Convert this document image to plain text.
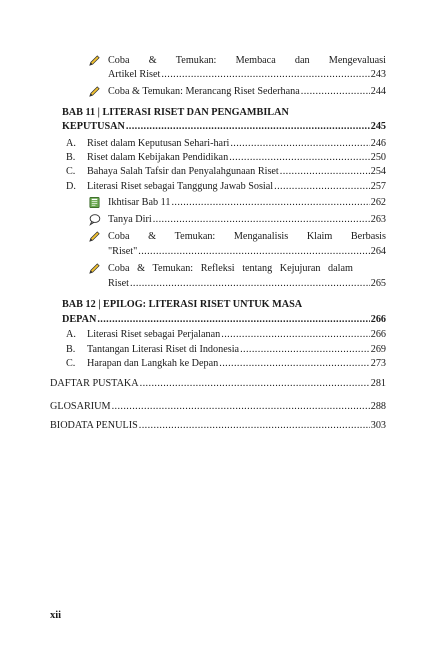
Coba & Temukan: Membaca dan Mengevaluasi
Artikel Riset .....	243
Coba & Temukan: Merancang Riset Sederhana .....	244
BAB 11 | LITERASI RISET DAN PENGAMBILAN
KEPUTUSAN .....	245
A. Riset dalam Keputusan Sehari-hari .....	246
B. Riset dalam Kebijakan Pendidikan .....	250
C. Bahaya Salah Tafsir dan Penyalahgunaan Riset .....	254
D. Literasi Riset sebagai Tanggung Jawab Sosial .....	257
Ikhtisar Bab 11 .....	262
Tanya Diri .....	263
Coba & Temukan: Menganalisis Klaim Berbasis
"Riset" .....	264
Coba & Temukan: Refleksi tentang Kejujuran dalam
Riset .....	265
BAB 12 | EPILOG: LITERASI RISET UNTUK MASA
DEPAN .....	266
A. Literasi Riset sebagai Perjalanan .....	266
B. Tantangan Literasi Riset di Indonesia .....	269
C. Harapan dan Langkah ke Depan .....	273
DAFTAR PUSTAKA .....	281
GLOSARIUM .....	288
BIODATA PENULIS .....	303
xii
